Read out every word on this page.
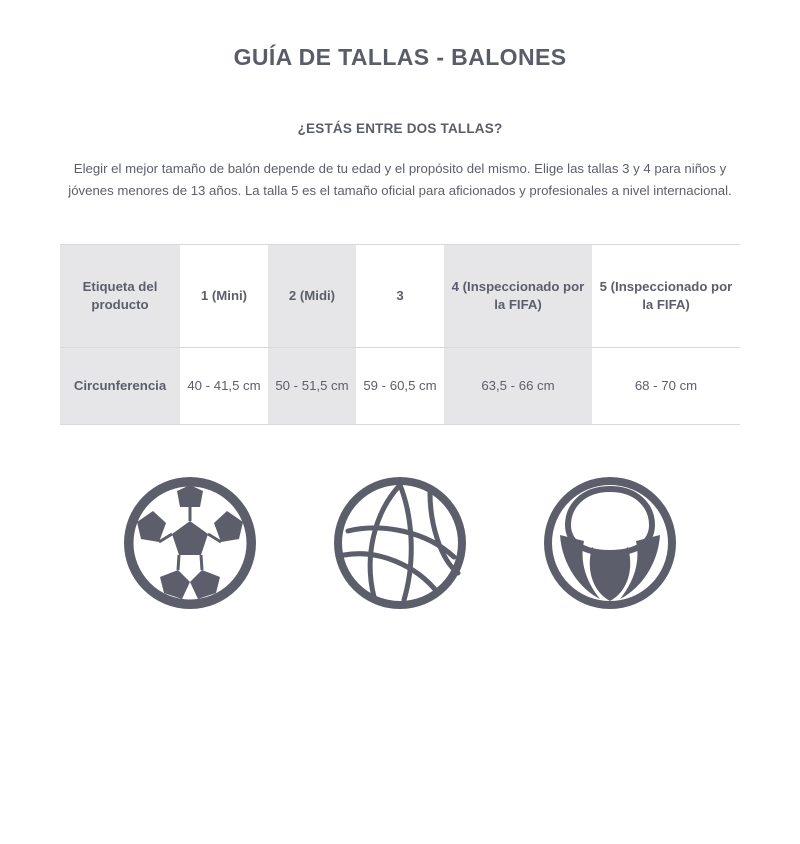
GUÍA DE TALLAS - BALONES
¿ESTÁS ENTRE DOS TALLAS?
Elegir el mejor tamaño de balón depende de tu edad y el propósito del mismo. Elige las tallas 3 y 4 para niños y jóvenes menores de 13 años. La talla 5 es el tamaño oficial para aficionados y profesionales a nivel internacional.
Etiqueta del producto	1 (Mini)	2 (Midi)	3	4 (Inspeccionado por la FIFA)	5 (Inspeccionado por la FIFA)
Circunferencia	40 - 41,5 cm	50 - 51,5 cm	59 - 60,5 cm	63,5 - 66 cm	68 - 70 cm
